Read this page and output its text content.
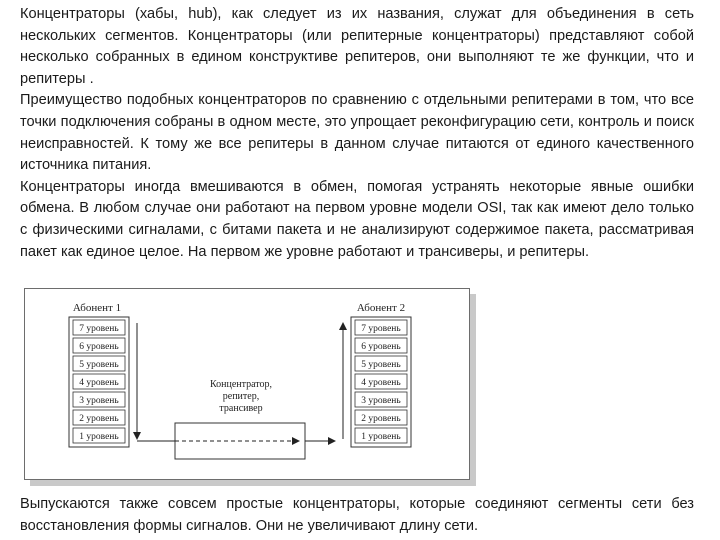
Концентраторы (хабы, hub), как следует из их названия, служат для объединения в сеть нескольких сегментов. Концентраторы (или репитерные концентраторы) представляют собой несколько собранных в едином конструктиве репитеров, они выполняют те же функции, что и репитеры .

Преимущество подобных концентраторов по сравнению с отдельными репитерами в том, что все точки подключения собраны в одном месте, это упрощает реконфигурацию сети, контроль и поиск неисправностей. К тому же все репитеры в данном случае питаются от единого качественного источника питания.

Концентраторы иногда вмешиваются в обмен, помогая устранять некоторые явные ошибки обмена. В любом случае они работают на первом уровне модели OSI, так как имеют дело только с физическими сигналами, с битами пакета и не анализируют содержимое пакета, рассматривая пакет как единое целое. На первом же уровне работают и трансиверы, и репитеры.

Абонент 1
7 уровень
6 уровень
5 уровень
4 уровень
3 уровень
2 уровень
1 уровень
Абонент 2
7 уровень
6 уровень
5 уровень
4 уровень
3 уровень
2 уровень
1 уровень
Концентратор,
репитер,
трансивер

Выпускаются также совсем простые концентраторы, которые соединяют сегменты сети без восстановления формы сигналов. Они не увеличивают длину сети.
